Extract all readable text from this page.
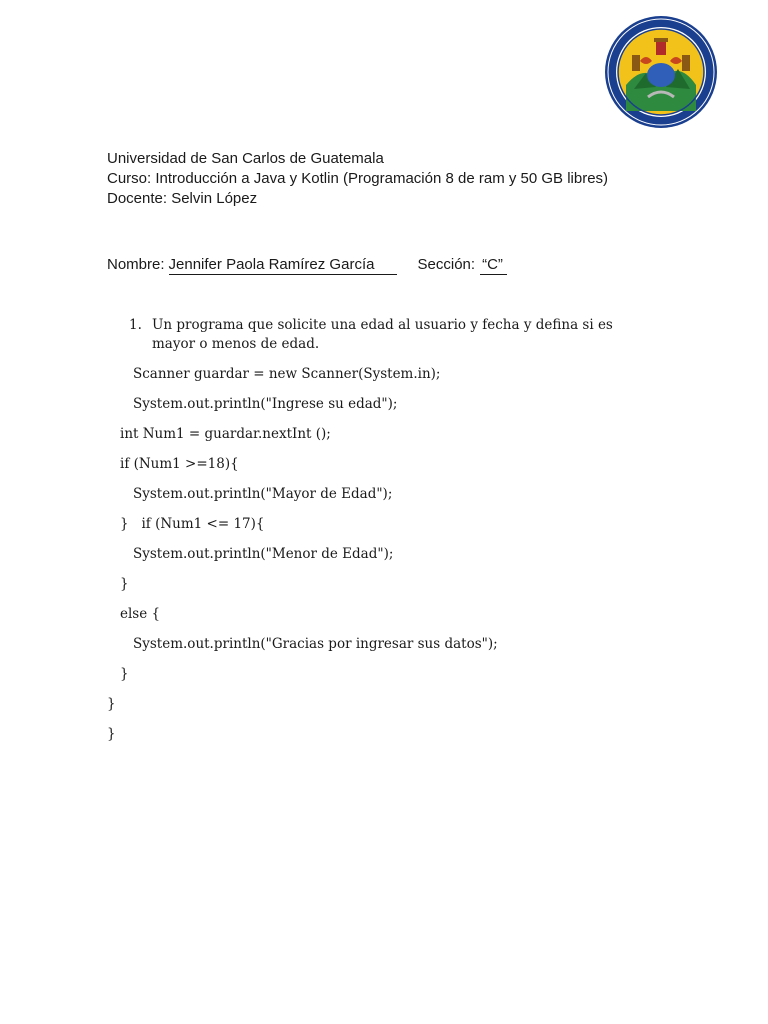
Universidad de San Carlos de Guatemala
Curso: Introducción a Java y Kotlin (Programación 8 de ram y 50 GB libres)
Docente: Selvin López
Nombre: Jennifer Paola Ramírez García	Sección: “C”
1. Un programa que solicite una edad al usuario y fecha y defina si es mayor o menos de edad.
Scanner guardar = new Scanner(System.in);
System.out.println("Ingrese su edad");
int Num1 = guardar.nextInt ();
if (Num1 >=18){
System.out.println("Mayor de Edad");
}   if (Num1 <= 17){
System.out.println("Menor de Edad");
}
else {
System.out.println("Gracias por ingresar sus datos");
}
}
}
